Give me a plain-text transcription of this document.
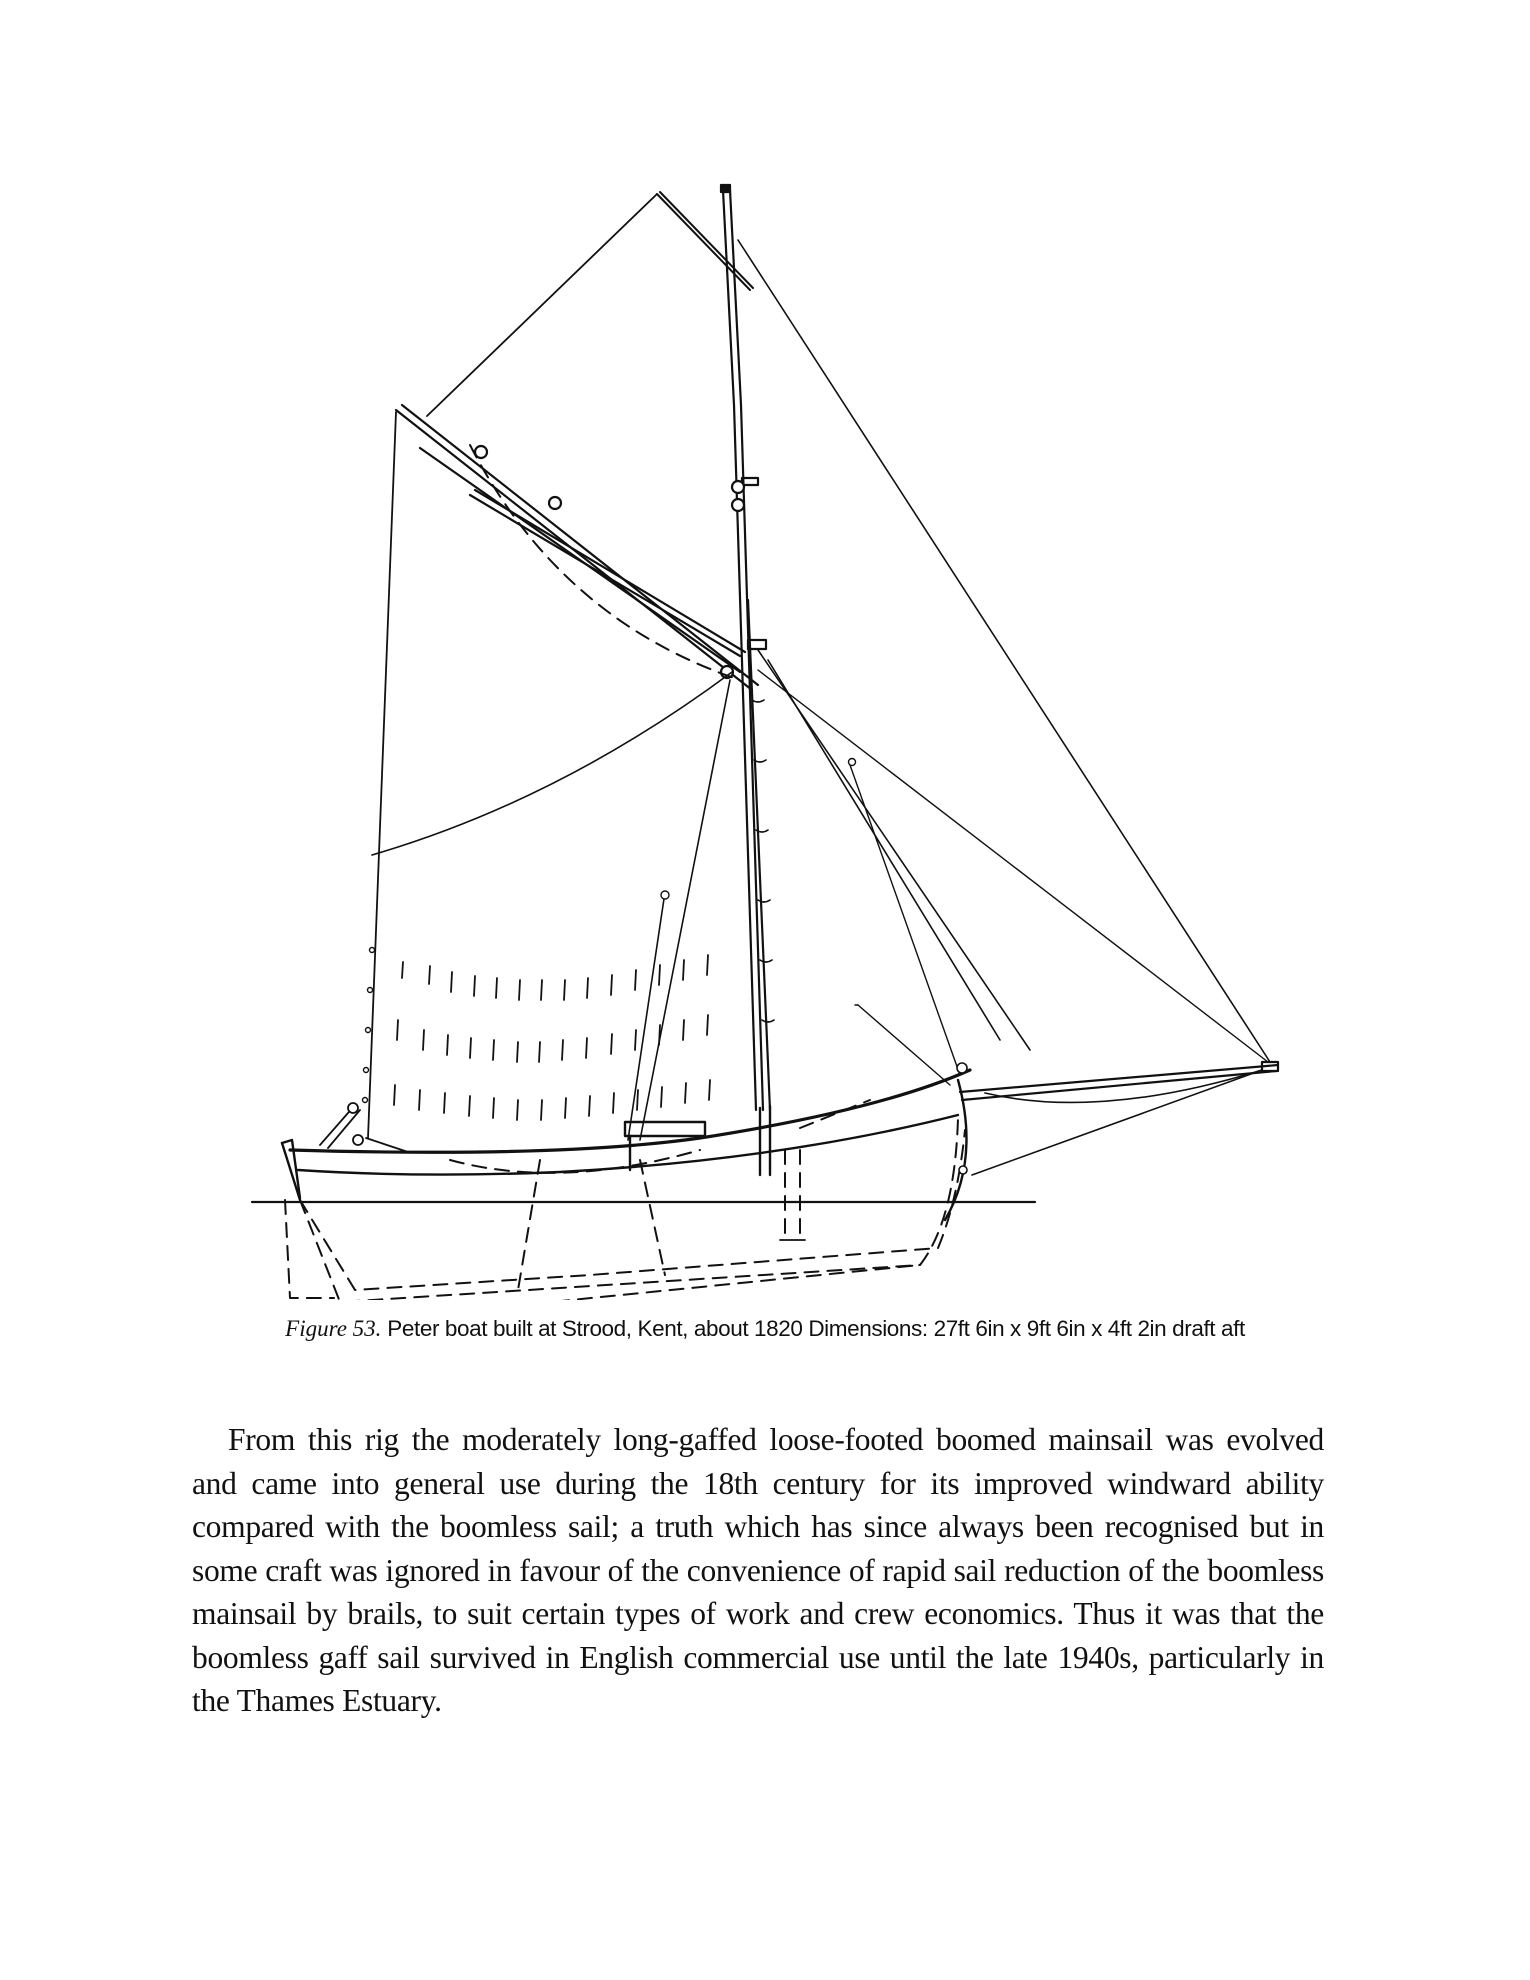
Figure 53. Peter boat built at Strood, Kent, about 1820 Dimensions: 27ft 6in x 9ft 6in x 4ft 2in draft aft

From this rig the moderately long-gaffed loose-footed boomed mainsail was evolved and came into general use during the 18th century for its improved windward ability compared with the boomless sail; a truth which has since always been recognised but in some craft was ignored in favour of the convenience of rapid sail reduction of the boomless mainsail by brails, to suit certain types of work and crew economics. Thus it was that the boomless gaff sail survived in English commercial use until the late 1940s, particularly in the Thames Estuary.
